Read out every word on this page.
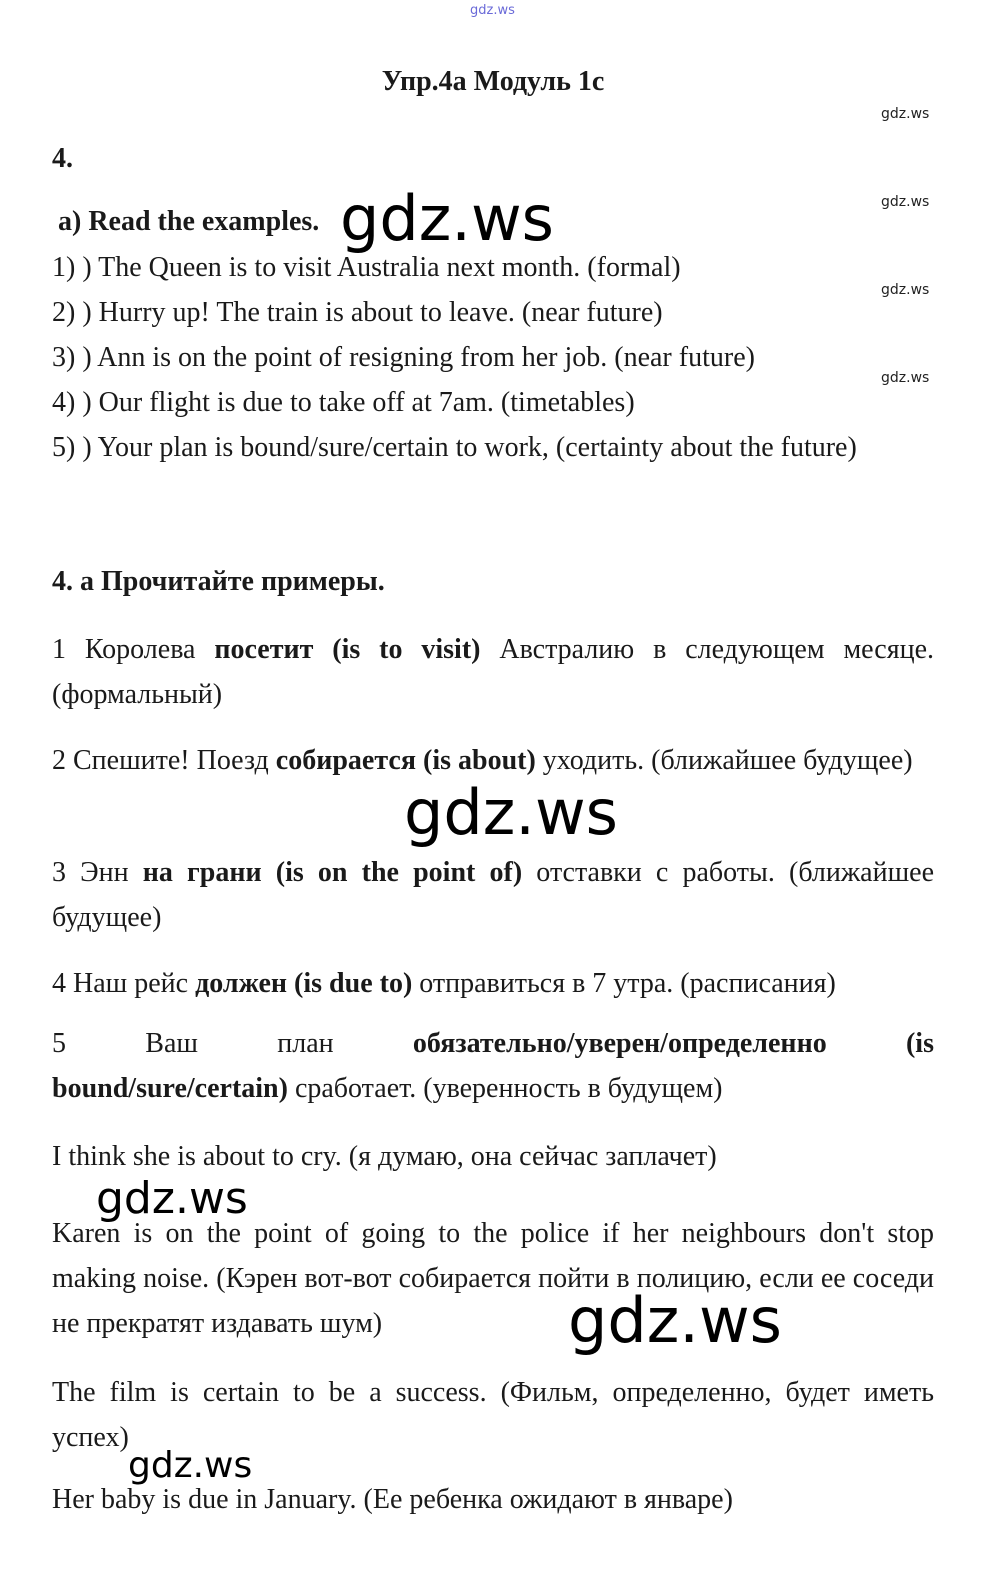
gdz.ws
Упр.4а Модуль 1с
gdz.ws
gdz.ws
gdz.ws
gdz.ws
4.
a) Read the examples. gdz.ws
1) ) The Queen is to visit Australia next month. (formal)
2) ) Hurry up! The train is about to leave. (near future)
3) ) Ann is on the point of resigning from her job. (near future)
4) ) Our flight is due to take off at 7am. (timetables)
5) ) Your plan is bound/sure/certain to work, (certainty about the future)
4. а Прочитайте примеры.
1 Королева посетит (is to visit) Австралию в следующем месяце. (формальный)
2 Спешите! Поезд собирается (is about) уходить. (ближайшее будущее)
gdz.ws
3 Энн на грани (is on the point of) отставки с работы. (ближайшее будущее)
4 Наш рейс должен (is due to) отправиться в 7 утра. (расписания)
5	Ваш	план	обязательно/уверен/определенно	(is
bound/sure/certain) сработает. (уверенность в будущем)
I think she is about to cry. (я думаю, она сейчас заплачет)
gdz.ws
Karen is on the point of going to the police if her neighbours don't stop making noise. (Кэрен вот-вот собирается пойти в полицию, если ее соседи не прекратят издавать шум)	gdz.ws
The film is certain to be a success. (Фильм, определенно, будет иметь успех)
gdz.ws
Her baby is due in January. (Ее ребенка ожидают в январе)
